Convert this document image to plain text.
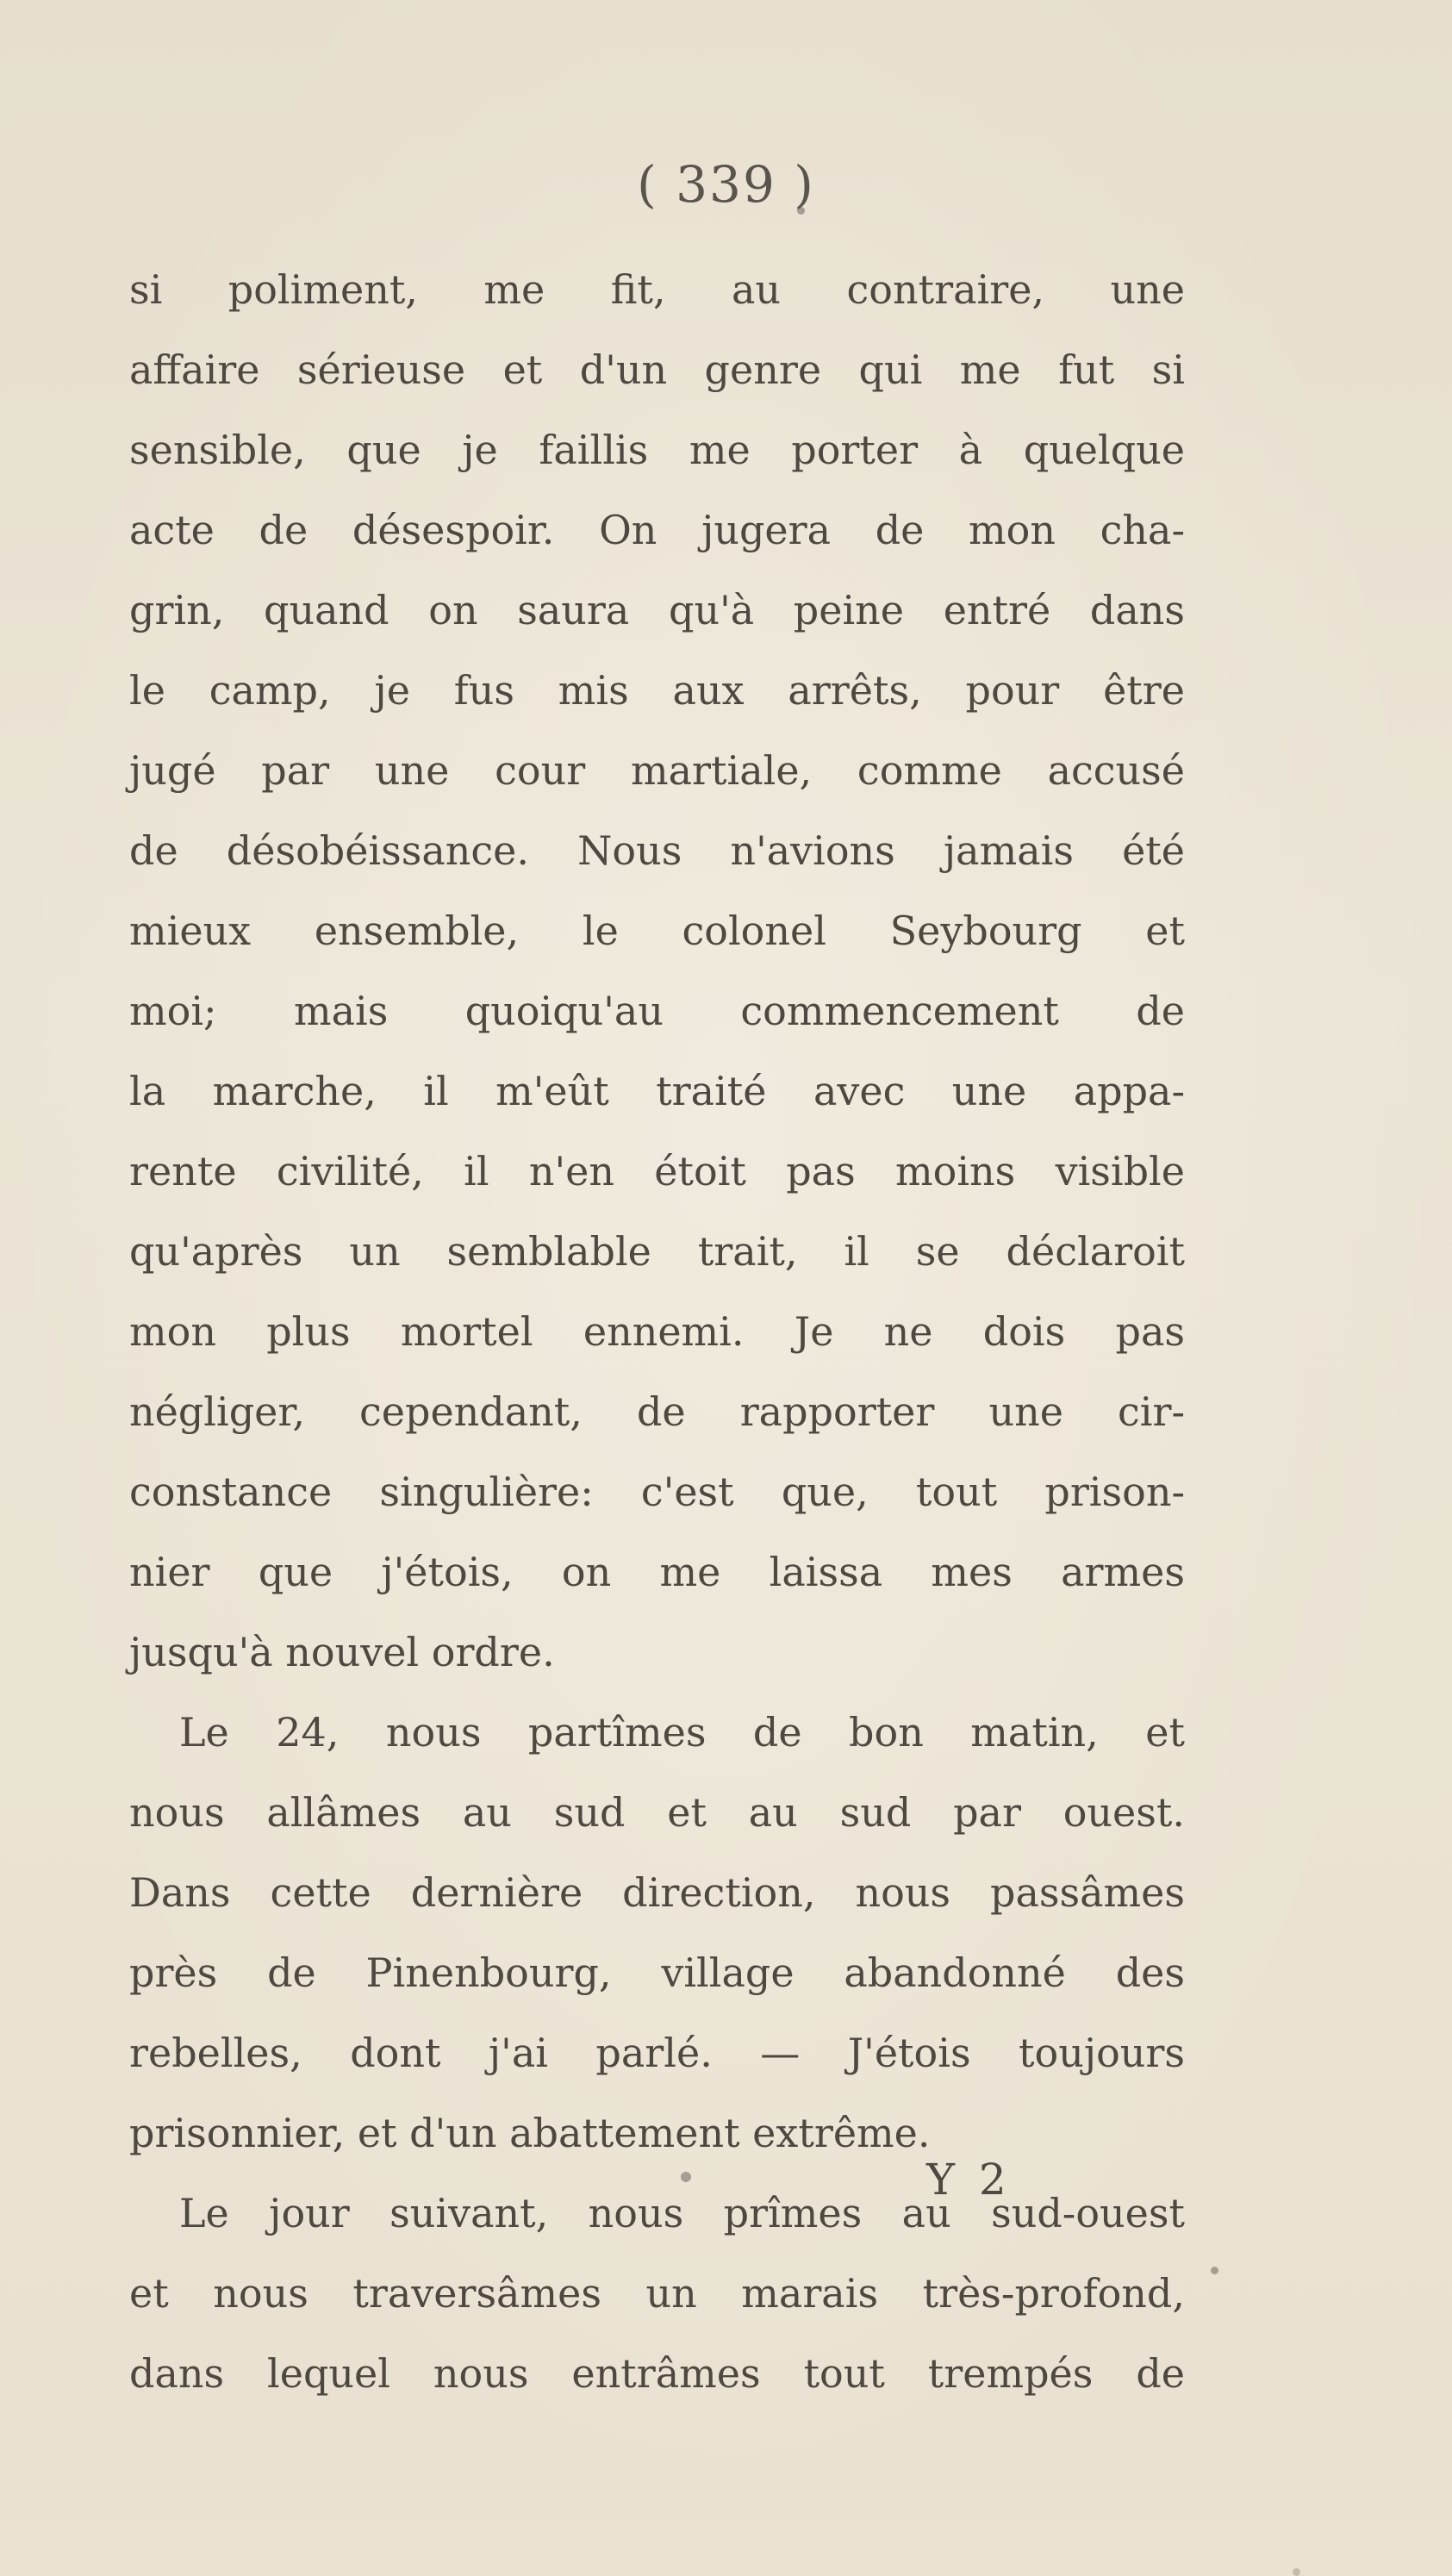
( 339 )
si poliment, me fit, au contraire, une
affaire sérieuse et d'un genre qui me fut si
sensible, que je faillis me porter à quelque
acte de désespoir. On jugera de mon cha-
grin, quand on saura qu'à peine entré dans
le camp, je fus mis aux arrêts, pour être
jugé par une cour martiale, comme accusé
de désobéissance. Nous n'avions jamais été
mieux ensemble, le colonel Seybourg et
moi; mais quoiqu'au commencement de
la marche, il m'eût traité avec une appa-
rente civilité, il n'en étoit pas moins visible
qu'après un semblable trait, il se déclaroit
mon plus mortel ennemi. Je ne dois pas
négliger, cependant, de rapporter une cir-
constance singulière: c'est que, tout prison-
nier que j'étois, on me laissa mes armes
jusqu'à nouvel ordre.
Le 24, nous partîmes de bon matin, et
nous allâmes au sud et au sud par ouest.
Dans cette dernière direction, nous passâmes
près de Pinenbourg, village abandonné des
rebelles, dont j'ai parlé. — J'étois toujours
prisonnier, et d'un abattement extrême.
Le jour suivant, nous prîmes au sud-ouest
et nous traversâmes un marais très-profond,
dans lequel nous entrâmes tout trempés de
Y 2
